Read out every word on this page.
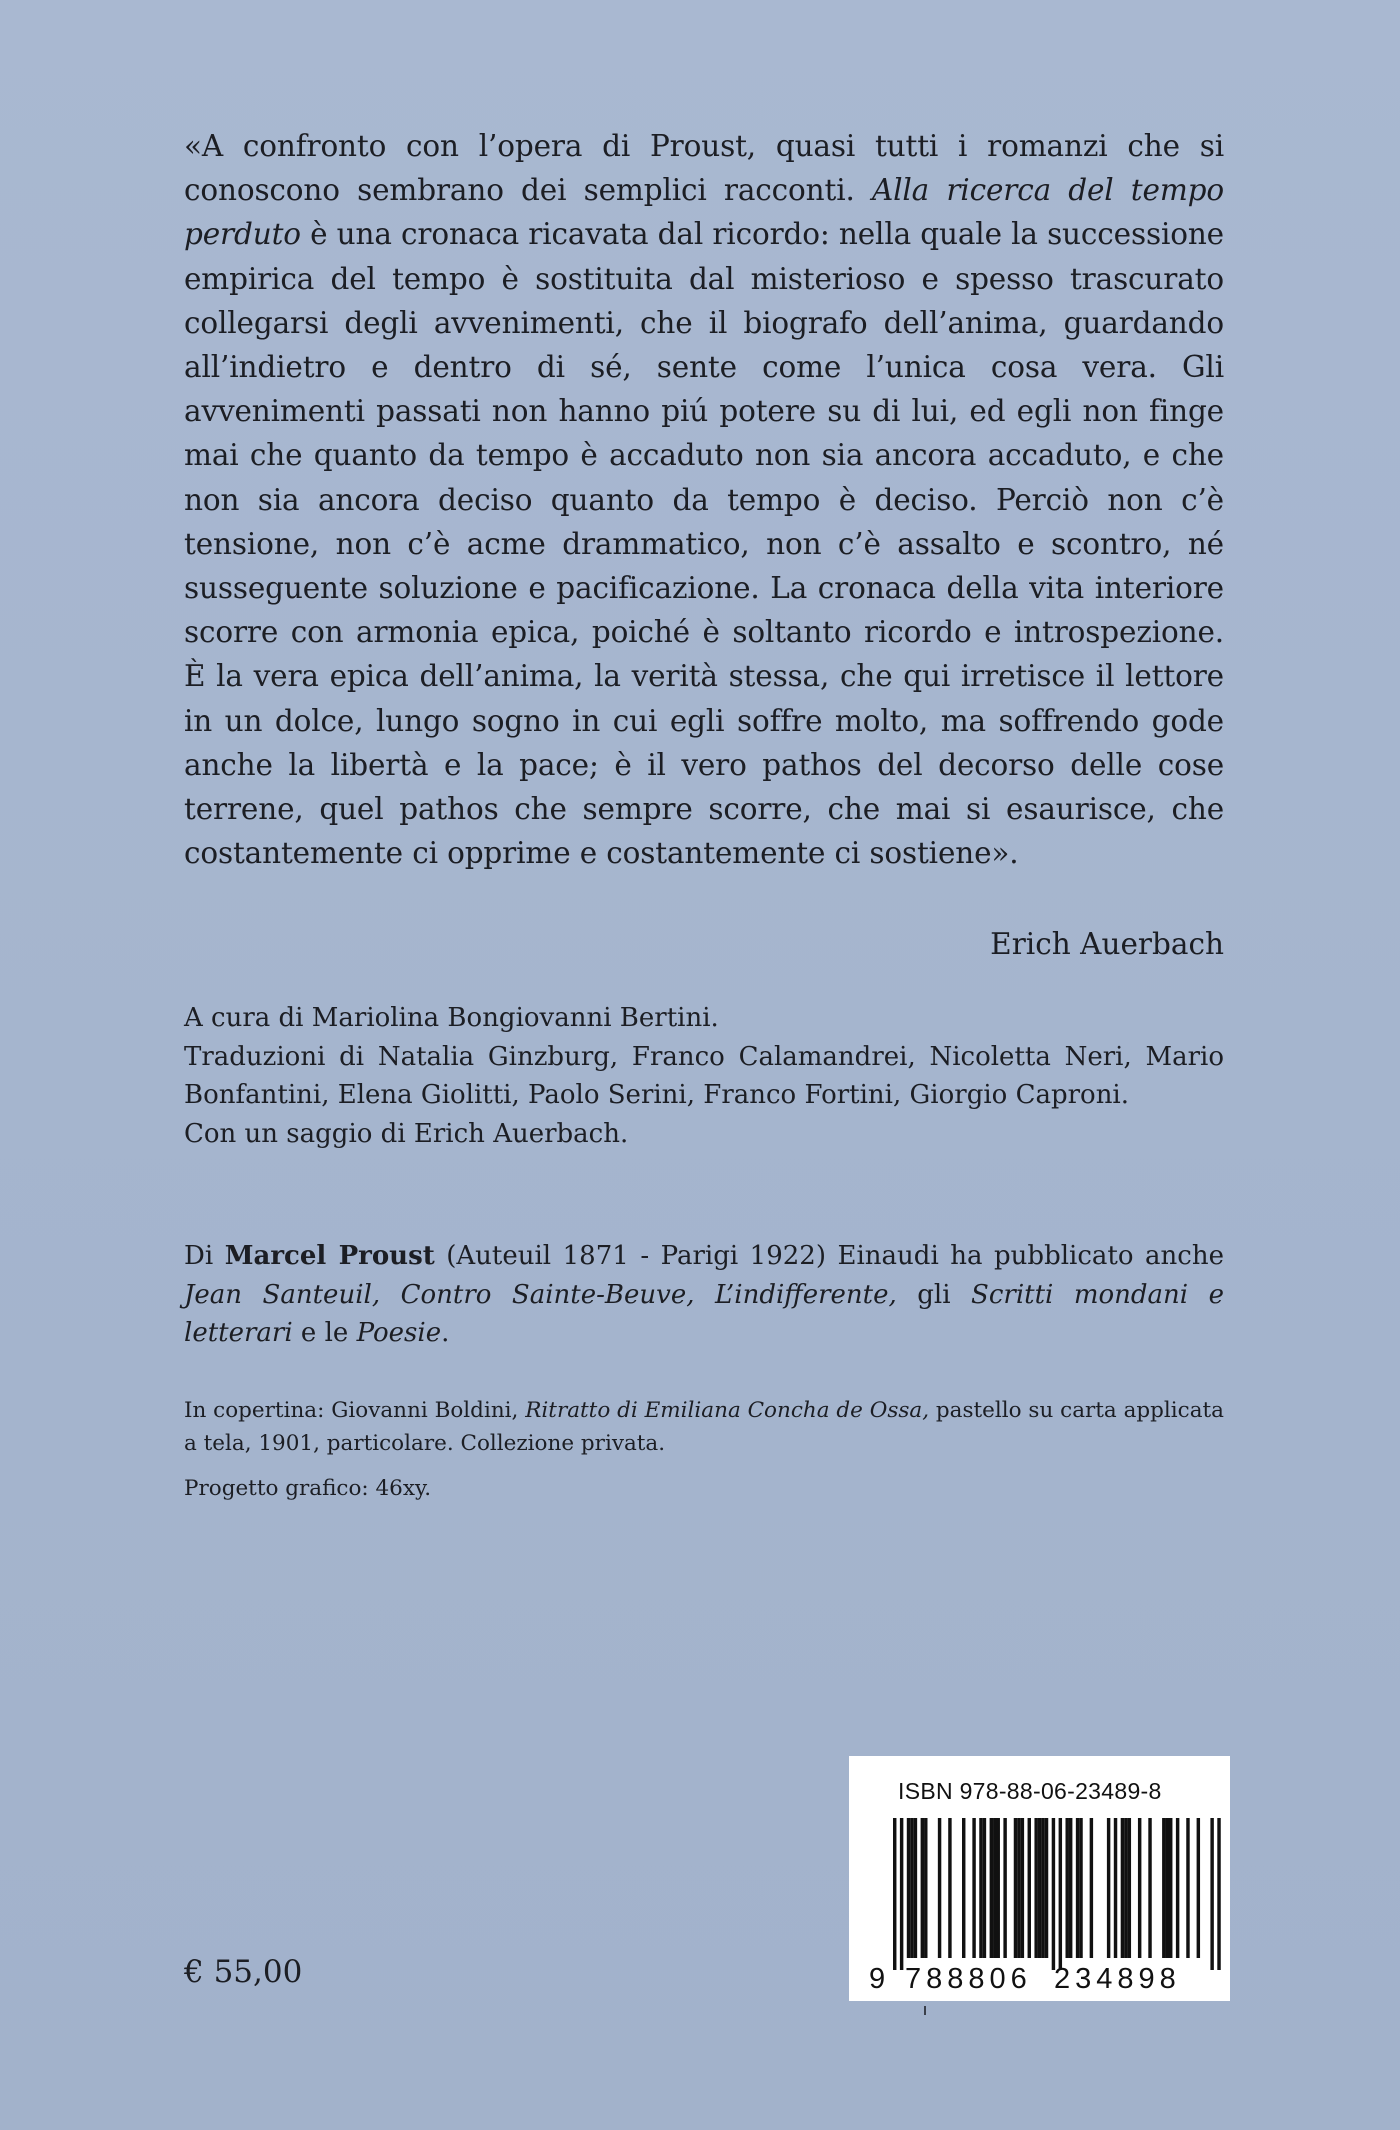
«A confronto con l’opera di Proust, quasi tutti i romanzi che si conoscono sembrano dei semplici racconti. Alla ricerca del tempo perduto è una cronaca ricavata dal ricordo: nella quale la successione empirica del tempo è sostituita dal misterioso e spesso trascurato collegarsi degli avvenimenti, che il biografo dell’anima, guardando all’indietro e dentro di sé, sente come l’unica cosa vera. Gli avvenimenti passati non hanno piú potere su di lui, ed egli non finge mai che quanto da tempo è accaduto non sia ancora accaduto, e che non sia ancora deciso quanto da tempo è deciso. Perciò non c’è tensione, non c’è acme drammatico, non c’è assalto e scontro, né susseguente soluzione e pacificazione. La cronaca della vita interiore scorre con armonia epica, poiché è soltanto ricordo e introspezione. È la vera epica dell’anima, la verità stessa, che qui irretisce il lettore in un dolce, lungo sogno in cui egli soffre molto, ma soffrendo gode anche la libertà e la pace; è il vero pathos del decorso delle cose terrene, quel pathos che sempre scorre, che mai si esaurisce, che costantemente ci opprime e costantemente ci sostiene».

Erich Auerbach

A cura di Mariolina Bongiovanni Bertini.
Traduzioni di Natalia Ginzburg, Franco Calamandrei, Nicoletta Neri, Mario Bonfantini, Elena Giolitti, Paolo Serini, Franco Fortini, Giorgio Caproni.
Con un saggio di Erich Auerbach.

Di Marcel Proust (Auteuil 1871 - Parigi 1922) Einaudi ha pubblicato anche Jean Santeuil, Contro Sainte-Beuve, L’indifferente, gli Scritti mondani e letterari e le Poesie.

In copertina: Giovanni Boldini, Ritratto di Emiliana Concha de Ossa, pastello su carta applicata a tela, 1901, particolare. Collezione privata.

Progetto grafico: 46xy.
ISBN 978-88-06-23489-8
9 788806 234898
€ 55,00
